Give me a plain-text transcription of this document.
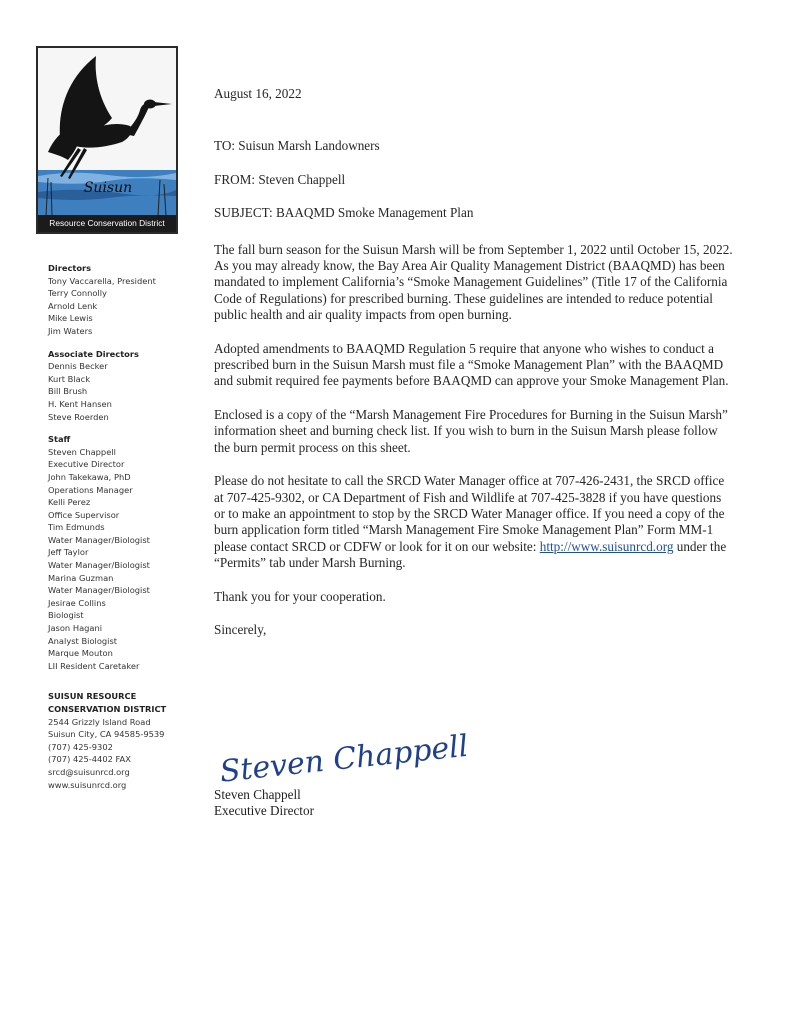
Suisun
Resource Conservation District
Directors
Tony Vaccarella, President
Terry Connolly
Arnold Lenk
Mike Lewis
Jim Waters
Associate Directors
Dennis Becker
Kurt Black
Bill Brush
H. Kent Hansen
Steve Roerden
Staff
Steven Chappell
Executive Director
John Takekawa, PhD
Operations Manager
Kelli Perez
Office Supervisor
Tim Edmunds
Water Manager/Biologist
Jeff Taylor
Water Manager/Biologist
Marina Guzman
Water Manager/Biologist
Jesirae Collins
Biologist
Jason Hagani
Analyst Biologist
Marque Mouton
LII Resident Caretaker
SUISUN RESOURCE
CONSERVATION DISTRICT
2544 Grizzly Island Road
Suisun City, CA 94585-9539
(707) 425-9302
(707) 425-4402 FAX
srcd@suisunrcd.org
www.suisunrcd.org
August 16, 2022
TO: Suisun Marsh Landowners
FROM: Steven Chappell
SUBJECT: BAAQMD Smoke Management Plan
The fall burn season for the Suisun Marsh will be from September 1, 2022 until October 15, 2022. As you may already know, the Bay Area Air Quality Management District (BAAQMD) has been mandated to implement California’s “Smoke Management Guidelines” (Title 17 of the California Code of Regulations) for prescribed burning. These guidelines are intended to reduce potential public health and air quality impacts from open burning.
Adopted amendments to BAAQMD Regulation 5 require that anyone who wishes to conduct a prescribed burn in the Suisun Marsh must file a “Smoke Management Plan” with the BAAQMD and submit required fee payments before BAAQMD can approve your Smoke Management Plan.
Enclosed is a copy of the “Marsh Management Fire Procedures for Burning in the Suisun Marsh” information sheet and burning check list. If you wish to burn in the Suisun Marsh please follow the burn permit process on this sheet.
Please do not hesitate to call the SRCD Water Manager office at 707-426-2431, the SRCD office at 707-425-9302, or CA Department of Fish and Wildlife at 707-425-3828 if you have questions or to make an appointment to stop by the SRCD Water Manager office. If you need a copy of the burn application form titled “Marsh Management Fire Smoke Management Plan” Form MM-1 please contact SRCD or CDFW or look for it on our website: http://www.suisunrcd.org under the “Permits” tab under Marsh Burning.
Thank you for your cooperation.
Sincerely,
Steven Chappell
Steven Chappell
Executive Director
